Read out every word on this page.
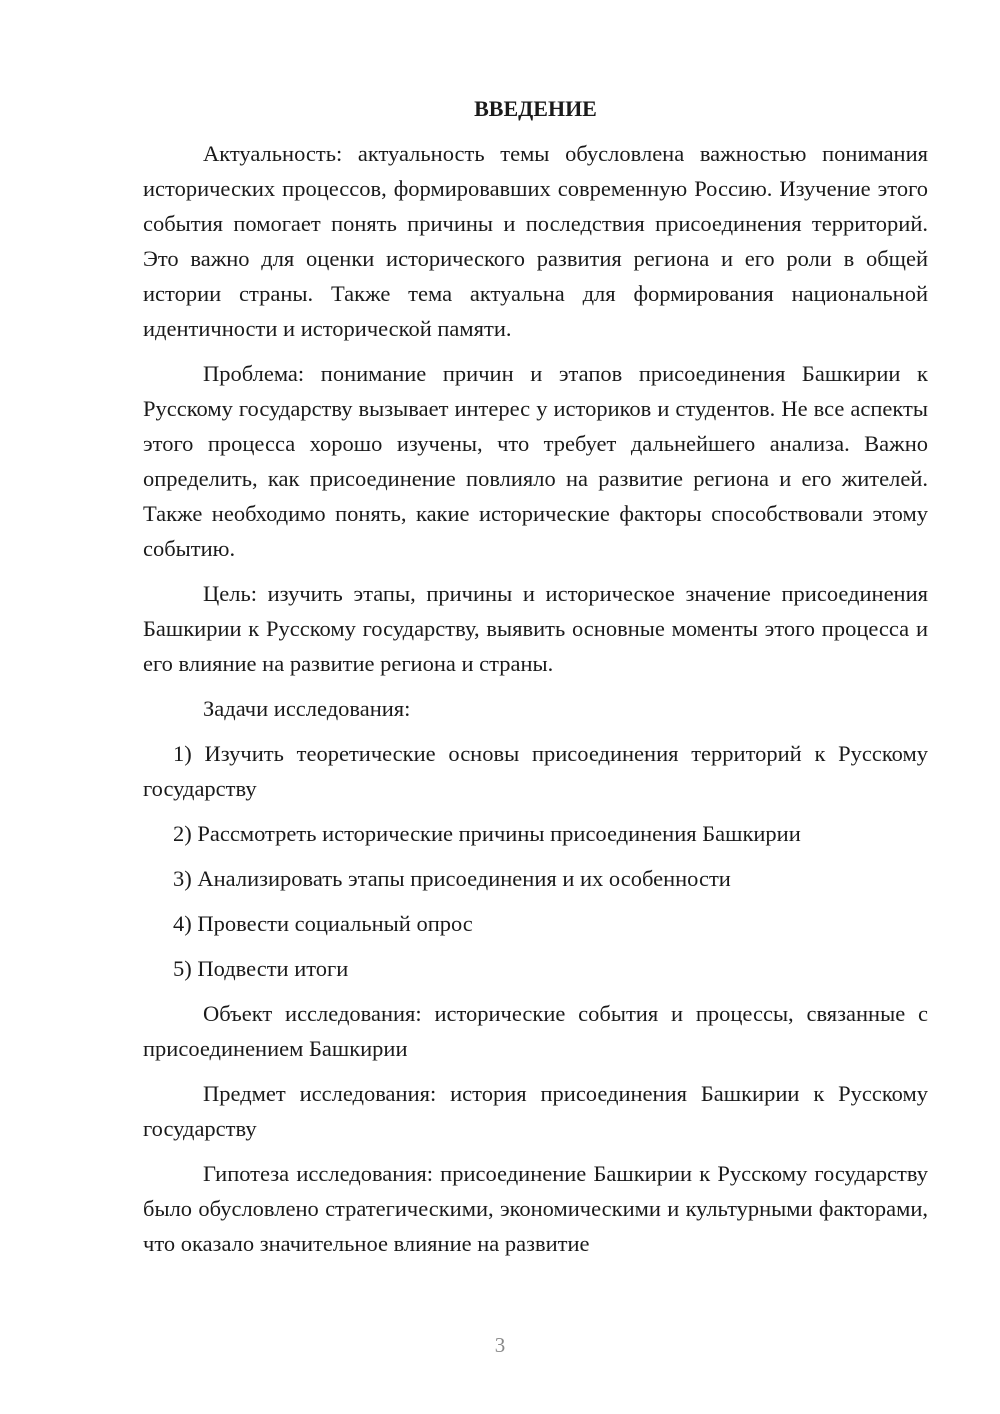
ВВЕДЕНИЕ

Актуальность: актуальность темы обусловлена важностью понимания исторических процессов, формировавших современную Россию. Изучение этого события помогает понять причины и последствия присоединения территорий. Это важно для оценки исторического развития региона и его роли в общей истории страны. Также тема актуальна для формирования национальной идентичности и исторической памяти.

Проблема: понимание причин и этапов присоединения Башкирии к Русскому государству вызывает интерес у историков и студентов. Не все аспекты этого процесса хорошо изучены, что требует дальнейшего анализа. Важно определить, как присоединение повлияло на развитие региона и его жителей. Также необходимо понять, какие исторические факторы способствовали этому событию.

Цель: изучить этапы, причины и историческое значение присоединения Башкирии к Русскому государству, выявить основные моменты этого процесса и его влияние на развитие региона и страны.

Задачи исследования:

1) Изучить теоретические основы присоединения территорий к Русскому государству

2) Рассмотреть исторические причины присоединения Башкирии

3) Анализировать этапы присоединения и их особенности

4) Провести социальный опрос

5) Подвести итоги

Объект исследования: исторические события и процессы, связанные с присоединением Башкирии

Предмет исследования: история присоединения Башкирии к Русскому государству

Гипотеза исследования: присоединение Башкирии к Русскому государству было обусловлено стратегическими, экономическими и культурными факторами, что оказало значительное влияние на развитие

3
